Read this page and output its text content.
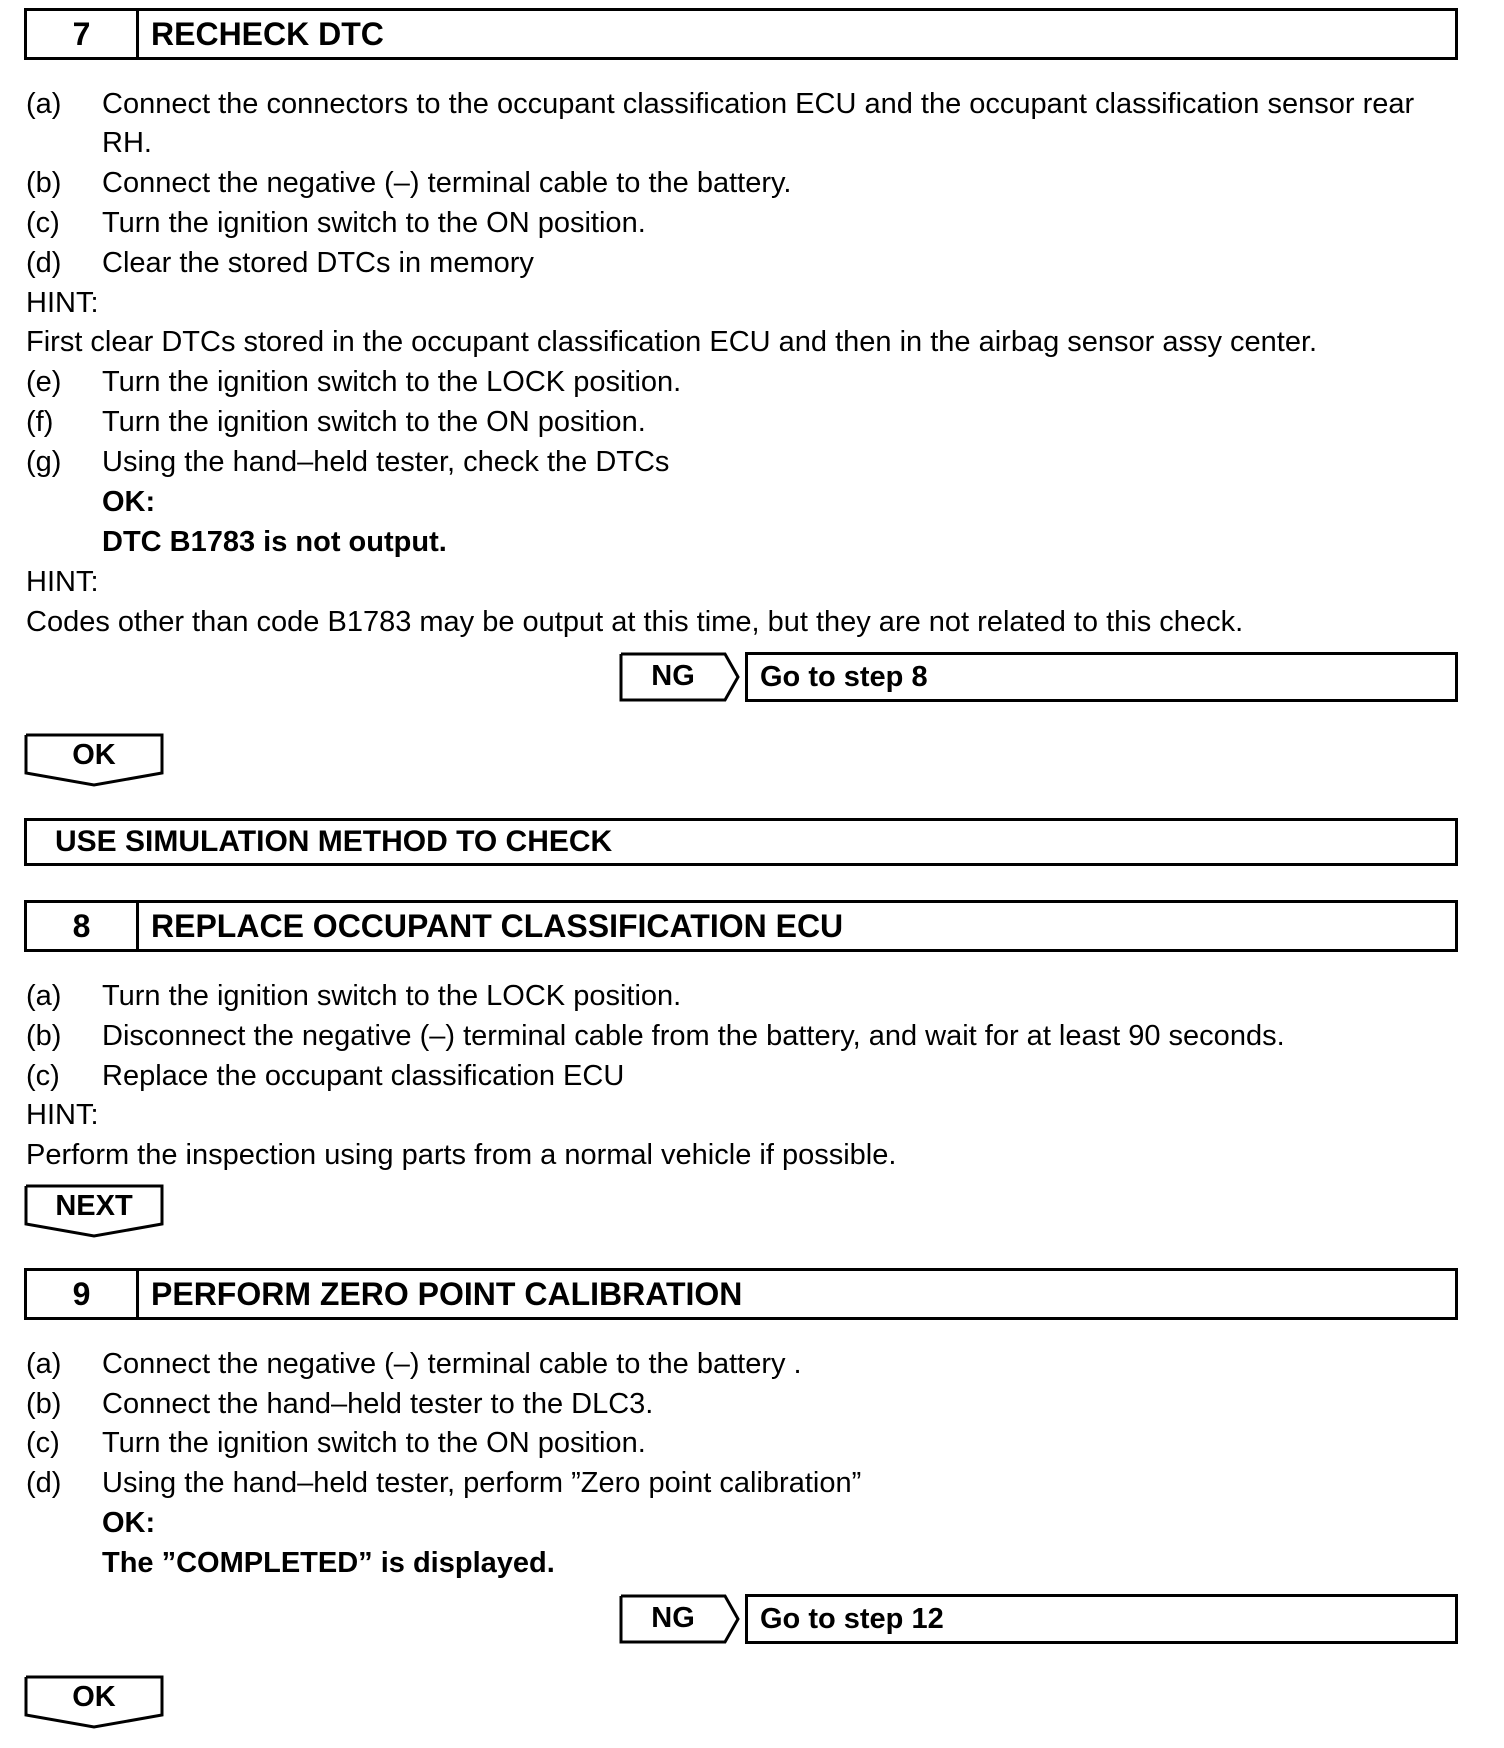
7	RECHECK DTC
(a) Connect the connectors to the occupant classification ECU and the occupant classification sensor rear
RH.
(b) Connect the negative (–) terminal cable to the battery.
(c) Turn the ignition switch to the ON position.
(d) Clear the stored DTCs in memory
HINT:
First clear DTCs stored in the occupant classification ECU and then in the airbag sensor assy center.
(e) Turn the ignition switch to the LOCK position.
(f) Turn the ignition switch to the ON position.
(g) Using the hand–held tester, check the DTCs
OK:
DTC B1783 is not output.
HINT:
Codes other than code B1783 may be output at this time, but they are not related to this check.
NG	Go to step 8
OK
USE SIMULATION METHOD TO CHECK
8	REPLACE OCCUPANT CLASSIFICATION ECU
(a) Turn the ignition switch to the LOCK position.
(b) Disconnect the negative (–) terminal cable from the battery, and wait for at least 90 seconds.
(c) Replace the occupant classification ECU
HINT:
Perform the inspection using parts from a normal vehicle if possible.
NEXT
9	PERFORM ZERO POINT CALIBRATION
(a) Connect the negative (–) terminal cable to the battery .
(b) Connect the hand–held tester to the DLC3.
(c) Turn the ignition switch to the ON position.
(d) Using the hand–held tester, perform ”Zero point calibration”
OK:
The ”COMPLETED” is displayed.
NG	Go to step 12
OK
